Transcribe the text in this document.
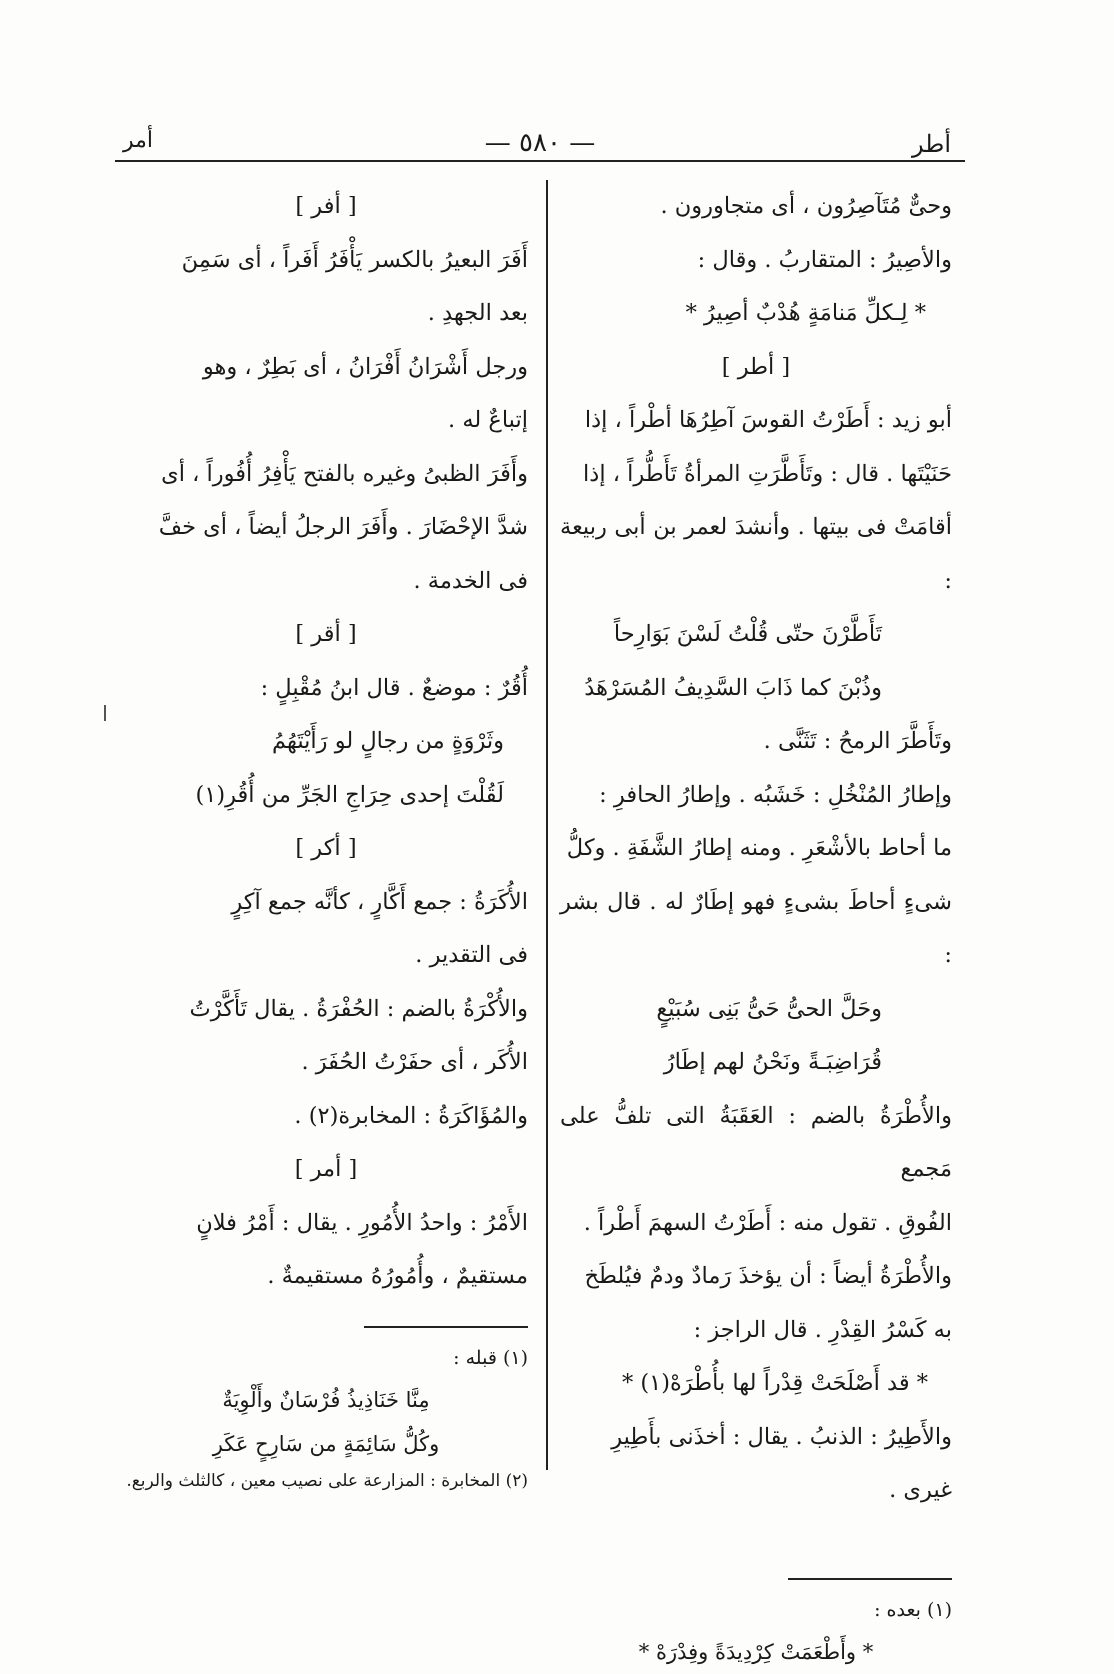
أطر
— ٥٨٠ —
أمر

وحىٌّ مُتَآصِرُون ، أى متجاورون .

والأصِيرُ : المتقاربُ . وقال :

* لِـكلِّ مَنامَةٍ هُدْبٌ أصِيرُ *

[ أطر ]

أبو زيد : أَطَرْتُ القوسَ آطِرُهَا أطْراً ، إذا

حَنَيْتَها . قال : وتَأَطَّرَتِ المرأةُ تَأَطُّراً ، إذا

أقامَتْ فى بيتها . وأنشدَ لعمر بن أبى ربيعة :

تَأَطَّرْنَ حتّى قُلْتُ لَسْنَ بَوَارِحاً

وذُبْنَ كما ذَابَ السَّدِيفُ المُسَرْهَدُ

وتَأَطَّرَ الرمحُ : تَثَنَّى .

وإطارُ المُنْخُلِ : خَشَبُه . وإطارُ الحافرِ :

ما أحاط بالأشْعَرِ . ومنه إطارُ الشَّفَةِ . وكلُّ

شىءٍ أحاطَ بشىءٍ فهو إطَارٌ له . قال بشر :

وحَلَّ الحىُّ حَىُّ بَنِى سُبَيْعٍ

قُرَاضِبَـةً ونَحْنُ لهم إطَارُ

والأُطْرَةُ بالضم : العَقَبَةُ التى تلفُّ على مَجمع

الفُوقِ . تقول منه : أَطَرْتُ السهمَ أَطْراً .

والأُطْرَةُ أيضاً : أن يؤخذَ رَمادٌ ودمٌ فيُلطَخ

به كَسْرُ القِدْرِ . قال الراجز :

* قد أَصْلَحَتْ قِدْراً لها بأُطْرَهْ(١) *

والأَطِيرُ : الذنبُ . يقال : أخذَنى بأَطِيرِ

غيرى .

(١) بعده :

* وأَطْعَمَتْ كِرْدِيدَةً وفِدْرَهْ *

[ أفر ]

أَفَرَ البعيرُ بالكسر يَأْفَرُ أَفَراً ، أى سَمِنَ

بعد الجهدِ .

ورجل أَشْرَانُ أَفْرَانُ ، أى بَطِرٌ ، وهو

إتباعٌ له .

وأَفَرَ الظبىُ وغيره بالفتح يَأْفِرُ أُفُوراً ، أى

شدَّ الإحْضَارَ . وأَفَرَ الرجلُ أيضاً ، أى خفَّ

فى الخدمة .

[ أقر ]

أُقُرٌ : موضعٌ . قال ابنُ مُقْبِلٍ :

وثَرْوَةٍ من رجالٍ لو رَأَيْتَهُمُ

لَقُلْتَ إحدى حِرَاجِ الجَرِّ من أُقُرِ(١)

[ أكر ]

الأُكَرَةُ : جمع أَكَّارٍ ، كأنَّه جمع آكِرٍ

فى التقدير .

والأُكْرَةُ بالضم : الحُفْرَةُ . يقال تَأَكَّرْتُ

الأُكَر ، أى حفَرْتُ الحُفَرَ .

والمُؤَاكَرَةُ : المخابرة(٢) .

[ أمر ]

الأَمْرُ : واحدُ الأُمُورِ . يقال : أَمْرُ فلانٍ

مستقيمٌ ، وأُمُورُهُ مستقيمةٌ .

(١) قبله :

مِنَّا خَنَاذِيذُ فُرْسَانٌ وأَلْوِيَةٌ

وكُلُّ سَائِمَةٍ من سَارِحٍ عَكَرِ

(٢) المخابرة : المزارعة على نصيب معين ، كالثلث والربع.
